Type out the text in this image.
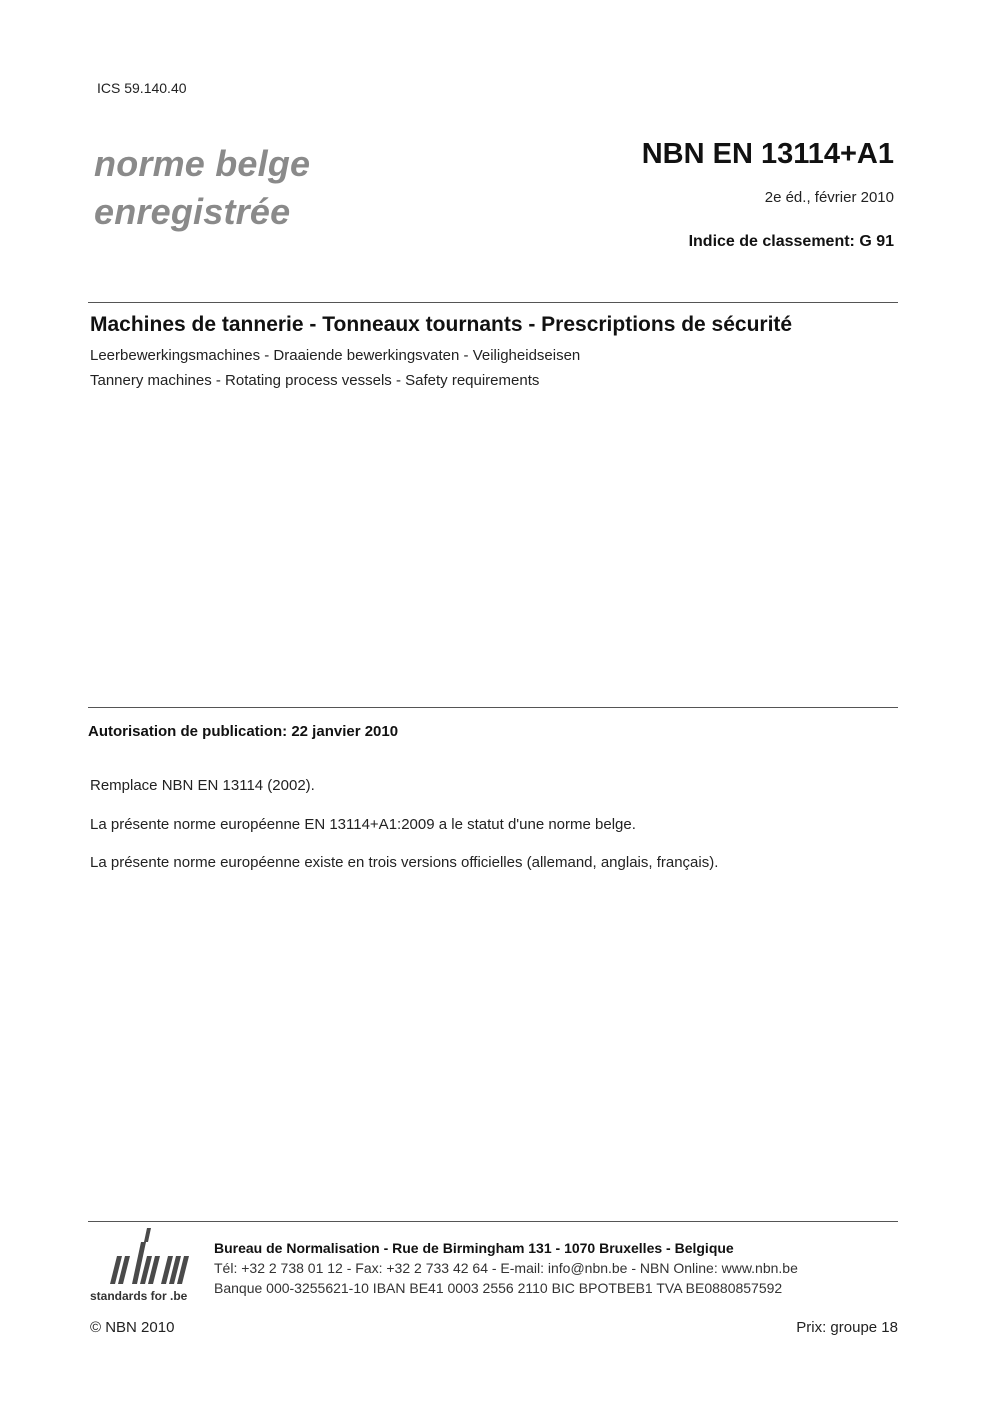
ICS 59.140.40
norme belge
enregistrée
NBN EN 13114+A1
2e éd., février 2010
Indice de classement: G 91
Machines de tannerie - Tonneaux tournants - Prescriptions de sécurité
Leerbewerkingsmachines - Draaiende bewerkingsvaten - Veiligheidseisen
Tannery machines - Rotating process vessels - Safety requirements
Autorisation de publication: 22 janvier 2010
Remplace NBN EN 13114 (2002).
La présente norme européenne EN 13114+A1:2009 a le statut d'une norme belge.
La présente norme européenne existe en trois versions officielles (allemand, anglais, français).
standards for .be
Bureau de Normalisation - Rue de Birmingham 131 - 1070 Bruxelles - Belgique
Tél: +32 2 738 01 12 - Fax: +32 2 733 42 64 - E-mail: info@nbn.be - NBN Online: www.nbn.be
Banque 000-3255621-10 IBAN BE41 0003 2556 2110 BIC BPOTBEB1 TVA BE0880857592
© NBN 2010	Prix: groupe 18
